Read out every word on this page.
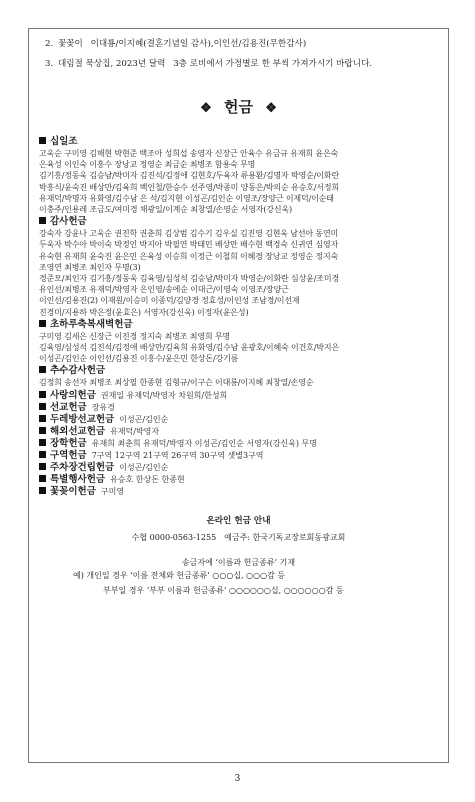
2. 꽃꽂이 이대룡/이지혜(결혼기념일 감사),이인선/김용진(무한감사)
3. 대림절 묵상집, 2023년 달력 3층 로비에서 가정별로 한 부씩 가져가시기 바랍니다.
❖ 헌금 ❖
십일조
고욱순 구미영 김해현 박현준 백조아 성희섭 송영자 신장근 안육수 유금규 유재희 윤은숙
은육성 이인숙 이흥수 장낭교 정영순 최금순 최병조 함용숙 무명
김기흥/정동욱 김승남/박미자 김진석/김정애 김현호/두육자 류용환/김명자 박영순/이화란
박흥식/윤숙진 배상만/김육희 백인철/한승수 선주영/박종미 양동은/박의순 유승호/서정희
유재덕/박명자 유화영/김수남 은 석/김지현 이성곤/김인순 이영조/장양근 이제덕/이순태
이충주/인용레 조금도/여미경 채광일/이계순 최창열/손영순 서영자(강신욱)
감사헌금
강숙자 강윤나 고욱순 권진학 권춘희 김상범 김수기 김우실 김진영 김현욱 남선아 동연미
두욱자 박수아 박이숙 박정인 박지아 박필연 박태민 배상만 배수현 백경숙 신귀연 심영자
유숙현 유재희 윤숙진 윤은민 은육성 이승희 이정근 이철희 이혜경 장낭교 정영순 정지숙
조영연 최병조 최인자 무명(3)
경준모/최인자 김기흥/정동욱 김육영/심성석 김승남/박미자 박영순/이화란 심상윤/조미경
유인선/최병조 유재덕/박영자 은인영/송에순 이대근/이영숙 이영조/장양근
이인선/김용진(2) 이재원/이승미 이종덕/김양경 정효성/이인성 조남경/이선재
진경미/지용하 박은정(윤효은) 서영자(강신욱) 이정자(윤은성)
초하루축복새벽헌금
구미영 김세은 신장근 이진경 정지숙 최병조 최영희 무명
김육영/심성석 김진석/김정애 배상만/김육희 유화영/김수남 윤광호/이혜숙 이건호/박지은
이성곤/김인순 이인선/김용진 이흥수/윤은민 한상돈/강기름
추수감사헌금
김정희 송선자 최병조 최상필 한종현 김형규/이구슨 이대룡/이지혜 최창열/손영순
사랑의헌금 권재일 유재덕/박영자 차원희/한성희
선교헌금 장유경
두레방선교헌금 이성곤/김인순
해외선교헌금 유재덕/박영자
장학헌금 유재희 최춘희 유재덕/박영자 이성곤/김인순 서영자(강신욱) 무명
구역헌금 7구역 12구역 21구역 26구역 30구역 샛별3구역
주차장건립헌금 이성곤/김인순
특별행사헌금 유승호 한상돈 한종현
꽃꽂이헌금 구미영
온라인 헌금 안내
수협 0000-0563-1255 예금주: 한국기독교장로회동광교회
송금자에 ‘이름과 헌금종류’ 기재
예) 개인일 경우 ‘이름 전체와 헌금종류’ ○○○십, ○○○감 등
부부일 경우 ‘부부 이름과 헌금종류’ ○○○○○○십, ○○○○○○감 등
3
